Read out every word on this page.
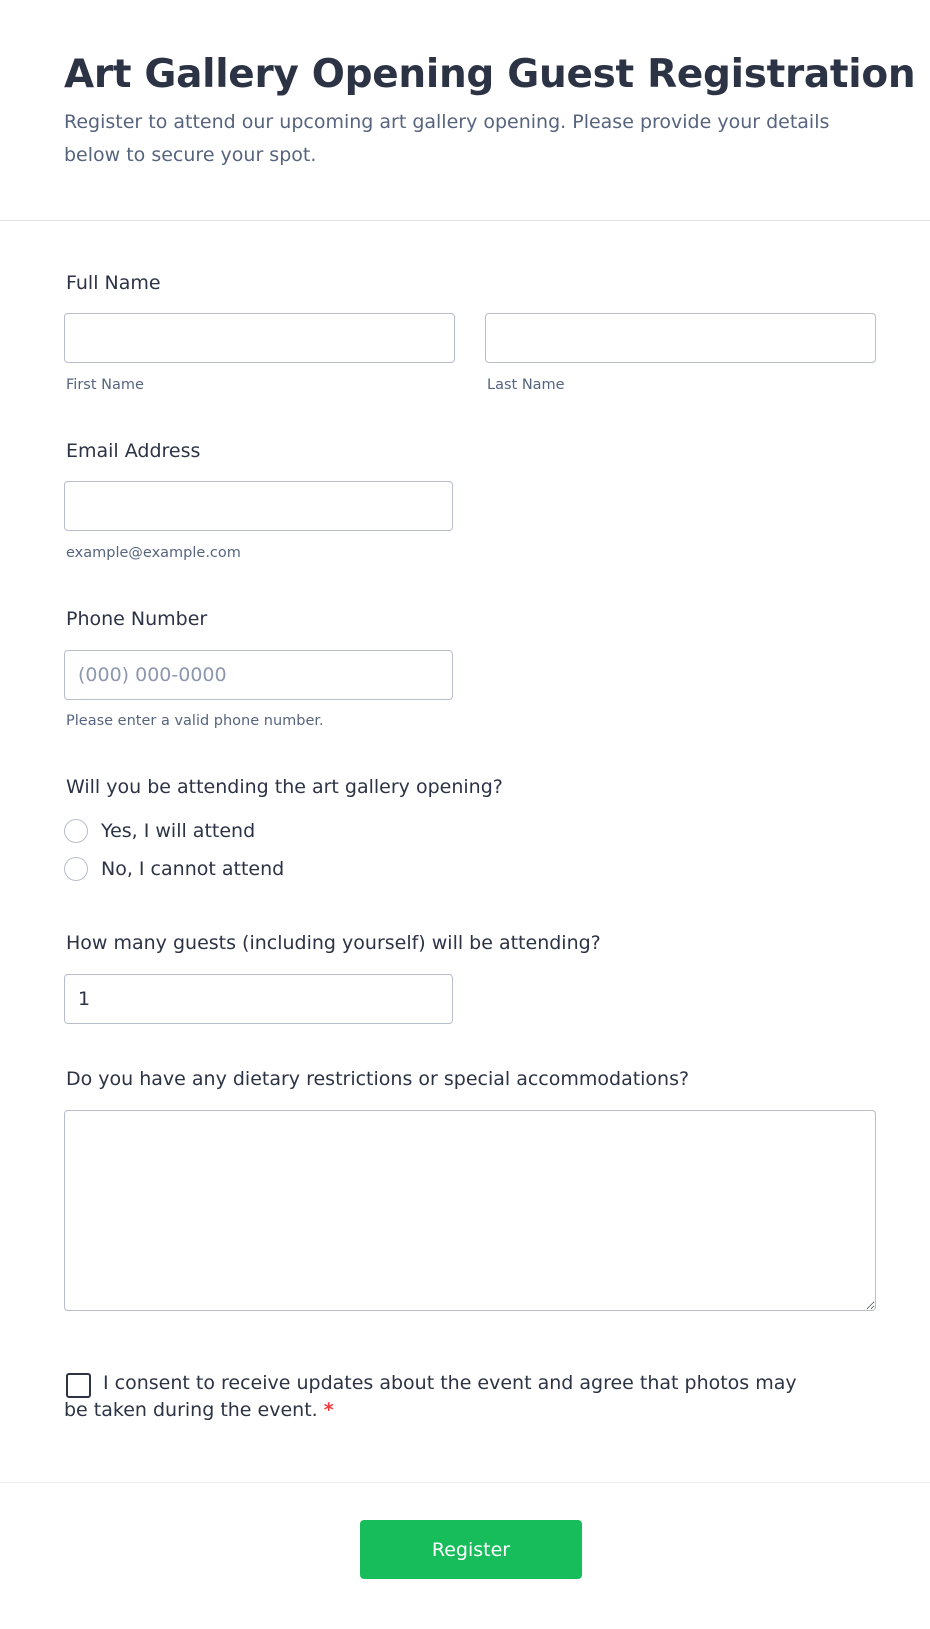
Art Gallery Opening Guest Registration

Register to attend our upcoming art gallery opening. Please provide your details below to secure your spot.

Full Name
First Name	Last Name
Email Address
example@example.com
Phone Number
(000) 000-0000
Please enter a valid phone number.
Will you be attending the art gallery opening?
Yes, I will attend
No, I cannot attend
How many guests (including yourself) will be attending?
1
Do you have any dietary restrictions or special accommodations?
I consent to receive updates about the event and agree that photos may
be taken during the event. *
Register
